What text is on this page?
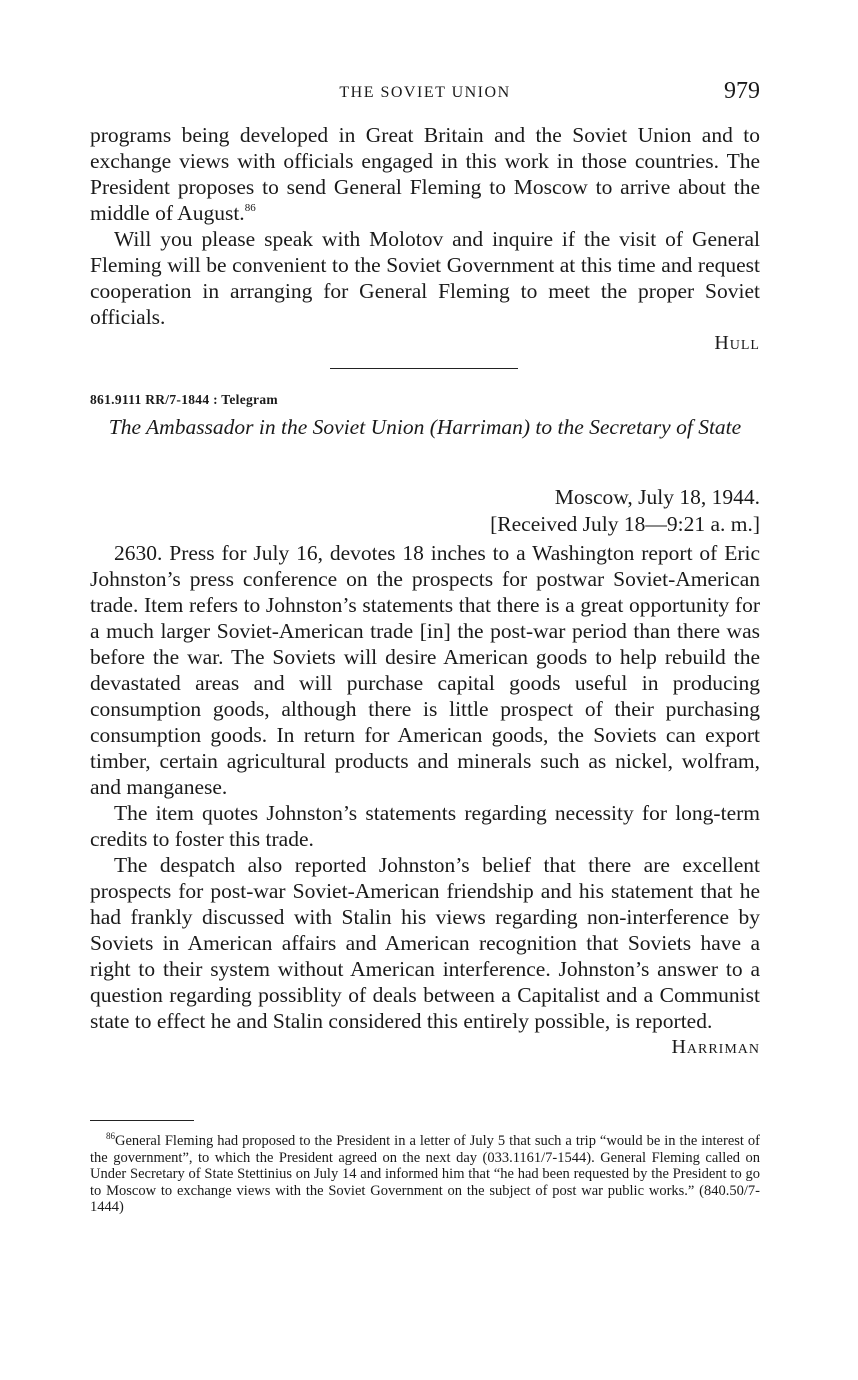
THE SOVIET UNION	979

programs being developed in Great Britain and the Soviet Union and to exchange views with officials engaged in this work in those countries. The President proposes to send General Fleming to Moscow to arrive about the middle of August.$^{86}$

Will you please speak with Molotov and inquire if the visit of General Fleming will be convenient to the Soviet Government at this time and request cooperation in arranging for General Fleming to meet the proper Soviet officials.

Hull
861.9111 RR/7-1844 : Telegram
The Ambassador in the Soviet Union (Harriman) to the Secretary of State
Moscow, July 18, 1944.
[Received July 18—9:21 a. m.]

2630. Press for July 16, devotes 18 inches to a Washington report of Eric Johnston’s press conference on the prospects for postwar Soviet-American trade. Item refers to Johnston’s statements that there is a great opportunity for a much larger Soviet-American trade [in] the post-war period than there was before the war. The Soviets will desire American goods to help rebuild the devastated areas and will purchase capital goods useful in producing consumption goods, although there is little prospect of their purchasing consumption goods. In return for American goods, the Soviets can export timber, certain agricultural products and minerals such as nickel, wolfram, and manganese.

The item quotes Johnston’s statements regarding necessity for long-term credits to foster this trade.

The despatch also reported Johnston’s belief that there are excellent prospects for post-war Soviet-American friendship and his statement that he had frankly discussed with Stalin his views regarding non-interference by Soviets in American affairs and American recognition that Soviets have a right to their system without American interference. Johnston’s answer to a question regarding possiblity of deals between a Capitalist and a Communist state to effect he and Stalin considered this entirely possible, is reported.

Harriman

$^{86}$General Fleming had proposed to the President in a letter of July 5 that such a trip “would be in the interest of the government”, to which the President agreed on the next day (033.1161/7-1544). General Fleming called on Under Secretary of State Stettinius on July 14 and informed him that “he had been requested by the President to go to Moscow to exchange views with the Soviet Government on the subject of post war public works.” (840.50/7-1444)
